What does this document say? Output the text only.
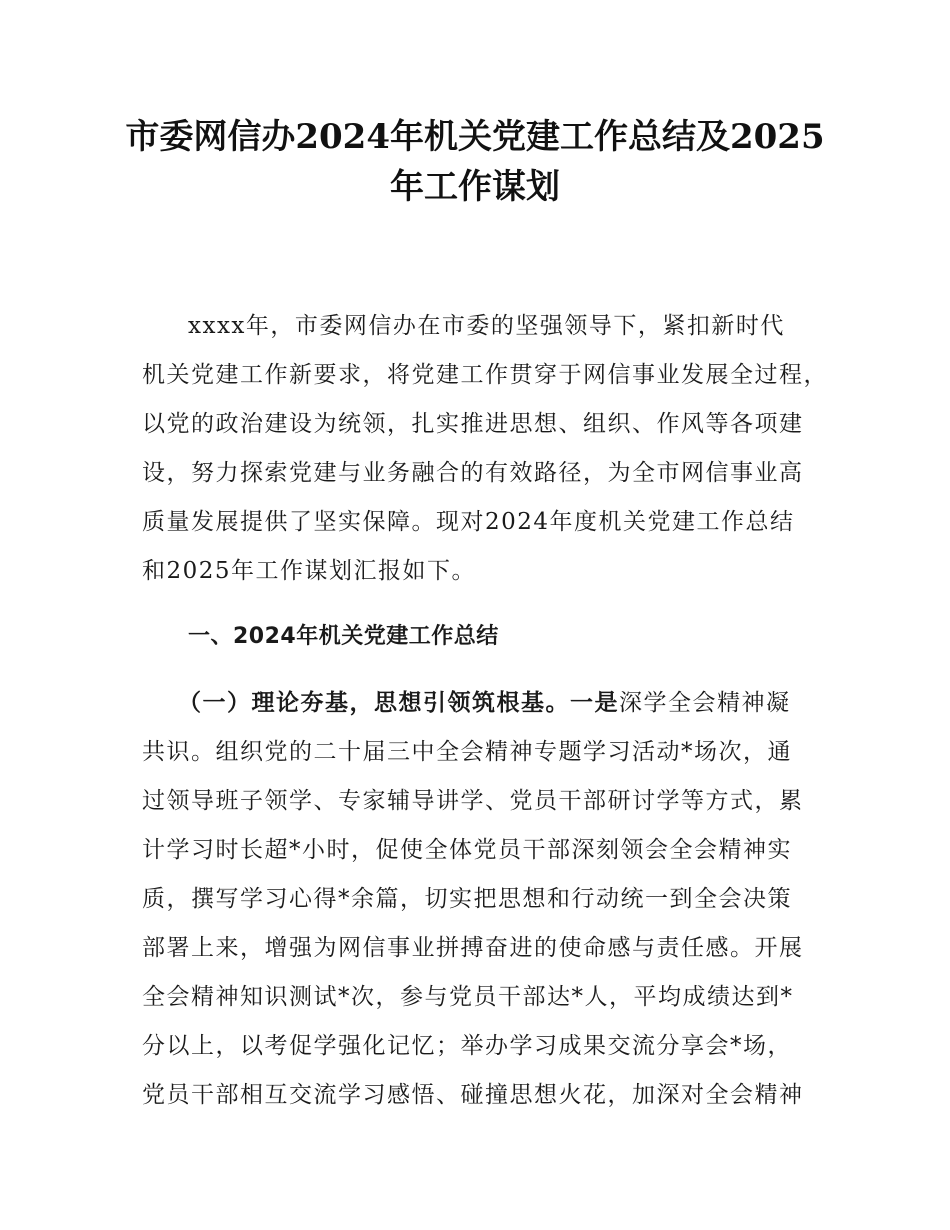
市委网信办2024年机关党建工作总结及2025
年工作谋划
xxxx年，市委网信办在市委的坚强领导下，紧扣新时代
机关党建工作新要求，将党建工作贯穿于网信事业发展全过程，
以党的政治建设为统领，扎实推进思想、组织、作风等各项建
设，努力探索党建与业务融合的有效路径，为全市网信事业高
质量发展提供了坚实保障。现对2024年度机关党建工作总结
和2025年工作谋划汇报如下。
一、2024年机关党建工作总结
（一）理论夯基，思想引领筑根基。一是深学全会精神凝
共识。组织党的二十届三中全会精神专题学习活动*场次，通
过领导班子领学、专家辅导讲学、党员干部研讨学等方式，累
计学习时长超*小时，促使全体党员干部深刻领会全会精神实
质，撰写学习心得*余篇，切实把思想和行动统一到全会决策
部署上来，增强为网信事业拼搏奋进的使命感与责任感。开展
全会精神知识测试*次，参与党员干部达*人，平均成绩达到*
分以上，以考促学强化记忆；举办学习成果交流分享会*场，
党员干部相互交流学习感悟、碰撞思想火花，加深对全会精神
